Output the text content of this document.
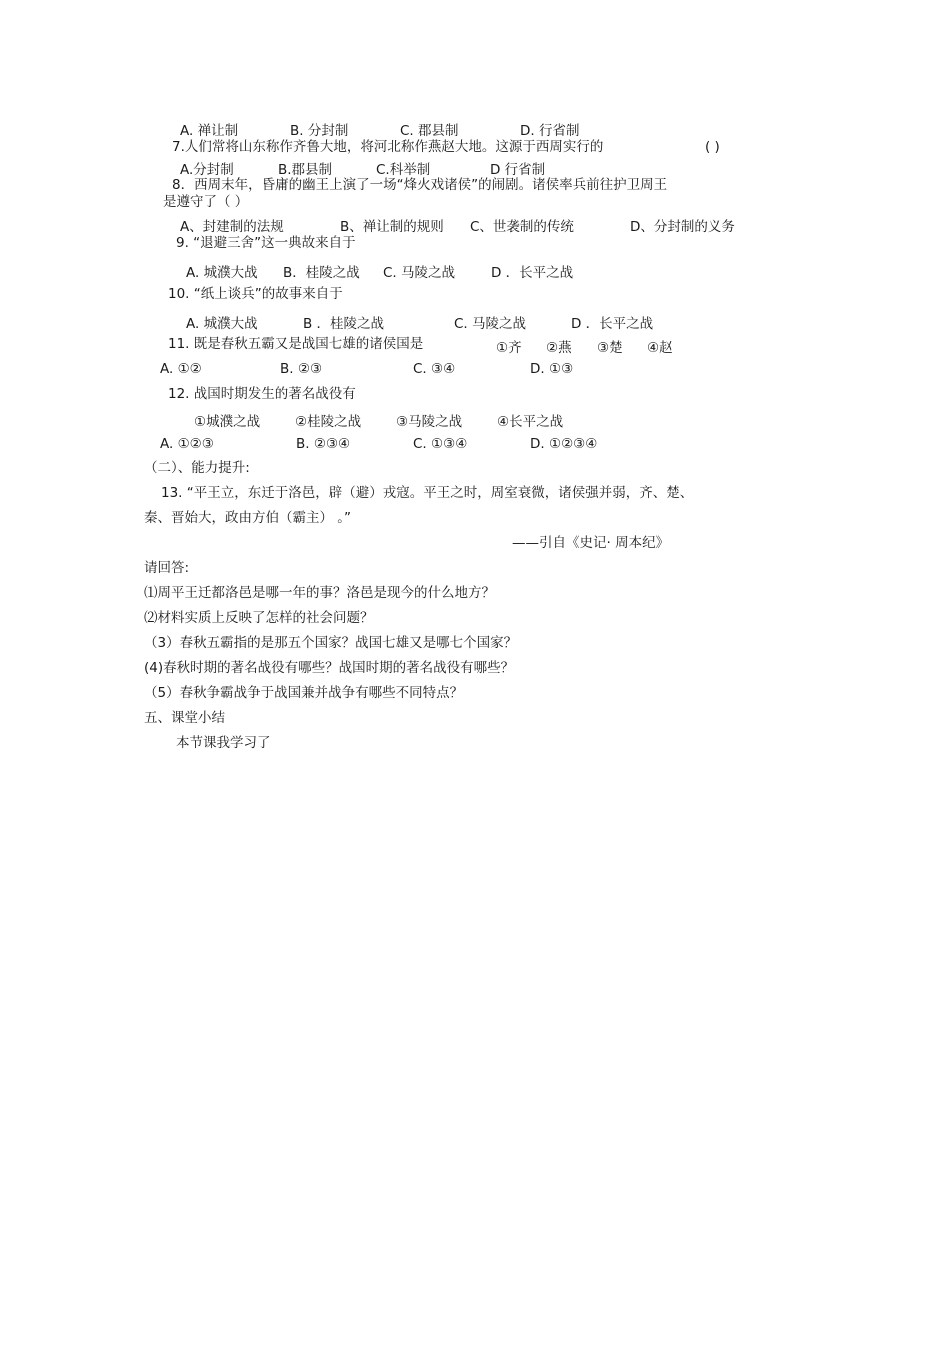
A. 禅让制	B. 分封制	C. 郡县制	D. 行省制
7.人们常将山东称作齐鲁大地，将河北称作燕赵大地。这源于西周实行的	( )
A.分封制	B.郡县制	C.科举制	D 行省制
8．西周末年，昏庸的幽王上演了一场“烽火戏诸侯”的闹剧。诸侯率兵前往护卫周王
是遵守了（ ）
A、封建制的法规	B、禅让制的规则 C、世袭制的传统	D、分封制的义务
9. “退避三舍”这一典故来自于
A. 城濮大战 B．桂陵之战 C. 马陵之战	D ．长平之战
10. “纸上谈兵”的故事来自于
A. 城濮大战	B ．桂陵之战	C. 马陵之战	D ．长平之战
11. 既是春秋五霸又是战国七雄的诸侯国是	①齐 ②燕 ③楚 ④赵
A. ①②	B. ②③	C. ③④	D. ①③
12. 战国时期发生的著名战役有
①城濮之战	②桂陵之战	③马陵之战	④长平之战
A. ①②③	B. ②③④	C. ①③④	D. ①②③④
（二）、能力提升:
13. “平王立，东迁于洛邑，辟（避）戎寇。平王之时，周室衰微，诸侯强并弱，齐、楚、
秦、晋始大，政由方伯（霸主） 。”
——引自《史记· 周本纪》
请回答:
⑴周平王迁都洛邑是哪一年的事？洛邑是现今的什么地方？
⑵材料实质上反映了怎样的社会问题？
（3）春秋五霸指的是那五个国家？战国七雄又是哪七个国家？
(4)春秋时期的著名战役有哪些？战国时期的著名战役有哪些？
（5）春秋争霸战争于战国兼并战争有哪些不同特点？
五、课堂小结
本节课我学习了
